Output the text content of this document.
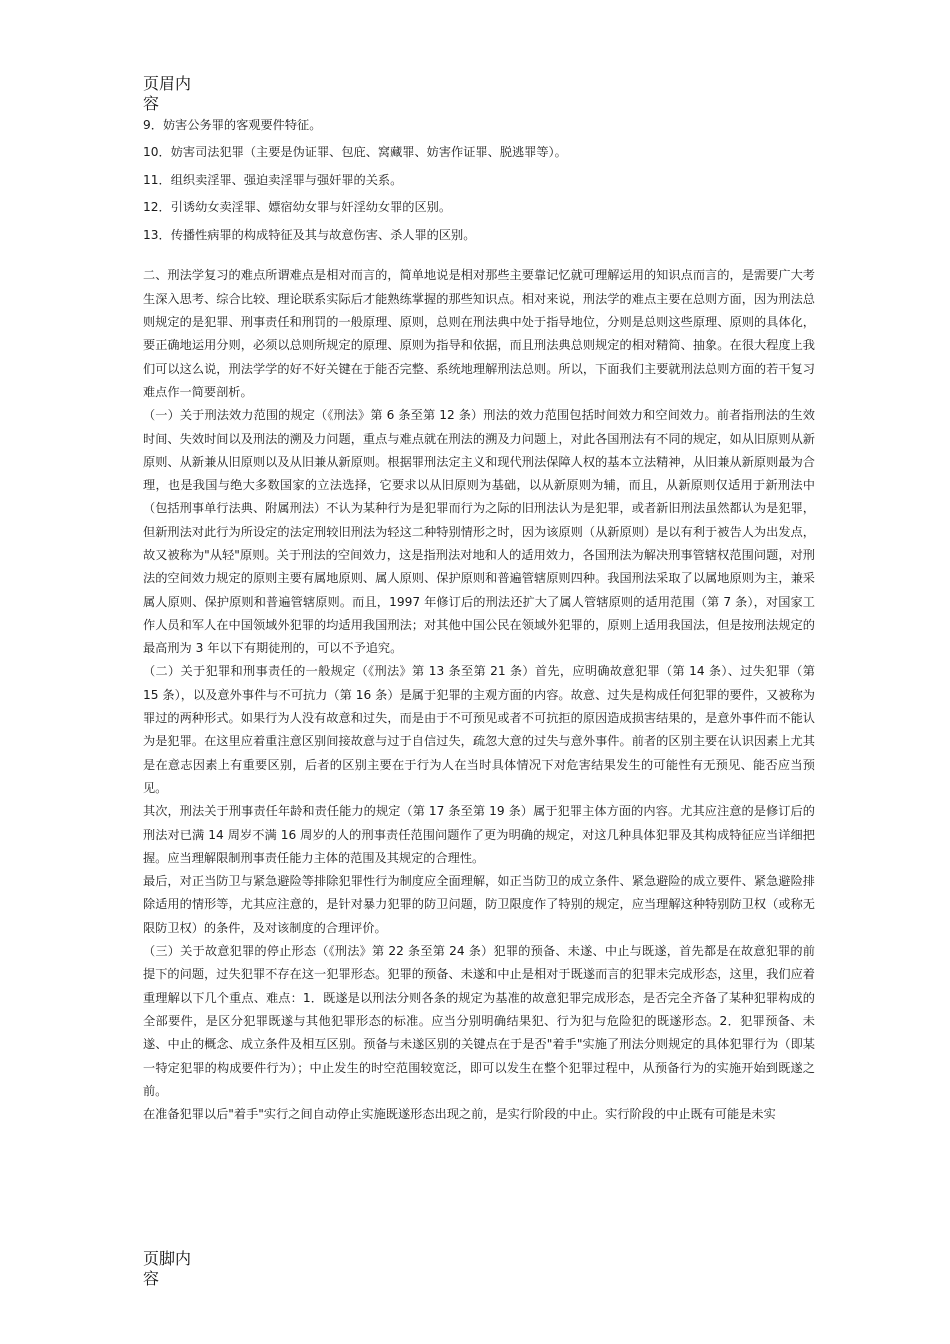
页眉内容
9．妨害公务罪的客观要件特征。
10．妨害司法犯罪（主要是伪证罪、包庇、窝藏罪、妨害作证罪、脱逃罪等）。
11．组织卖淫罪、强迫卖淫罪与强奸罪的关系。
12．引诱幼女卖淫罪、嫖宿幼女罪与奸淫幼女罪的区别。
13．传播性病罪的构成特征及其与故意伤害、杀人罪的区别。

二、刑法学复习的难点所谓难点是相对而言的，简单地说是相对那些主要靠记忆就可理解运用的知识点而言的，是需要广大考生深入思考、综合比较、理论联系实际后才能熟练掌握的那些知识点。相对来说，刑法学的难点主要在总则方面，因为刑法总则规定的是犯罪、刑事责任和刑罚的一般原理、原则，总则在刑法典中处于指导地位，分则是总则这些原理、原则的具体化，要正确地运用分则，必须以总则所规定的原理、原则为指导和依据，而且刑法典总则规定的相对精简、抽象。在很大程度上我们可以这么说，刑法学学的好不好关键在于能否完整、系统地理解刑法总则。所以，下面我们主要就刑法总则方面的若干复习难点作一简要剖析。

（一）关于刑法效力范围的规定（《刑法》第 6 条至第 12 条）刑法的效力范围包括时间效力和空间效力。前者指刑法的生效时间、失效时间以及刑法的溯及力问题，重点与难点就在刑法的溯及力问题上，对此各国刑法有不同的规定，如从旧原则从新原则、从新兼从旧原则以及从旧兼从新原则。根据罪刑法定主义和现代刑法保障人权的基本立法精神，从旧兼从新原则最为合理，也是我国与绝大多数国家的立法选择，它要求以从旧原则为基础，以从新原则为辅，而且，从新原则仅适用于新刑法中（包括刑事单行法典、附属刑法）不认为某种行为是犯罪而行为之际的旧刑法认为是犯罪，或者新旧刑法虽然都认为是犯罪，但新刑法对此行为所设定的法定刑较旧刑法为轻这二种特别情形之时，因为该原则（从新原则）是以有利于被告人为出发点，故又被称为"从轻"原则。关于刑法的空间效力，这是指刑法对地和人的适用效力，各国刑法为解决刑事管辖权范围问题，对刑法的空间效力规定的原则主要有属地原则、属人原则、保护原则和普遍管辖原则四种。我国刑法采取了以属地原则为主，兼采属人原则、保护原则和普遍管辖原则。而且，1997 年修订后的刑法还扩大了属人管辖原则的适用范围（第 7 条），对国家工作人员和军人在中国领域外犯罪的均适用我国刑法；对其他中国公民在领域外犯罪的，原则上适用我国法，但是按刑法规定的最高刑为 3 年以下有期徒刑的，可以不予追究。

（二）关于犯罪和刑事责任的一般规定（《刑法》第 13 条至第 21 条）首先，应明确故意犯罪（第 14 条）、过失犯罪（第 15 条），以及意外事件与不可抗力（第 16 条）是属于犯罪的主观方面的内容。故意、过失是构成任何犯罪的要件，又被称为罪过的两种形式。如果行为人没有故意和过失，而是由于不可预见或者不可抗拒的原因造成损害结果的，是意外事件而不能认为是犯罪。在这里应着重注意区别间接故意与过于自信过失，疏忽大意的过失与意外事件。前者的区别主要在认识因素上尤其是在意志因素上有重要区别，后者的区别主要在于行为人在当时具体情况下对危害结果发生的可能性有无预见、能否应当预见。

其次，刑法关于刑事责任年龄和责任能力的规定（第 17 条至第 19 条）属于犯罪主体方面的内容。尤其应注意的是修订后的刑法对已满 14 周岁不满 16 周岁的人的刑事责任范围问题作了更为明确的规定，对这几种具体犯罪及其构成特征应当详细把握。应当理解限制刑事责任能力主体的范围及其规定的合理性。

最后，对正当防卫与紧急避险等排除犯罪性行为制度应全面理解，如正当防卫的成立条件、紧急避险的成立要件、紧急避险排除适用的情形等，尤其应注意的，是针对暴力犯罪的防卫问题，防卫限度作了特别的规定，应当理解这种特别防卫权（或称无限防卫权）的条件，及对该制度的合理评价。

（三）关于故意犯罪的停止形态（《刑法》第 22 条至第 24 条）犯罪的预备、未遂、中止与既遂，首先都是在故意犯罪的前提下的问题，过失犯罪不存在这一犯罪形态。犯罪的预备、未遂和中止是相对于既遂而言的犯罪未完成形态，这里，我们应着重理解以下几个重点、难点：1．既遂是以刑法分则各条的规定为基准的故意犯罪完成形态，是否完全齐备了某种犯罪构成的全部要件，是区分犯罪既遂与其他犯罪形态的标准。应当分别明确结果犯、行为犯与危险犯的既遂形态。2．犯罪预备、未遂、中止的概念、成立条件及相互区别。预备与未遂区别的关键点在于是否"着手"实施了刑法分则规定的具体犯罪行为（即某一特定犯罪的构成要件行为）；中止发生的时空范围较宽泛，即可以发生在整个犯罪过程中，从预备行为的实施开始到既遂之前。

在准备犯罪以后"着手"实行之间自动停止实施既遂形态出现之前，是实行阶段的中止。实行阶段的中止既有可能是未实

页脚内容
